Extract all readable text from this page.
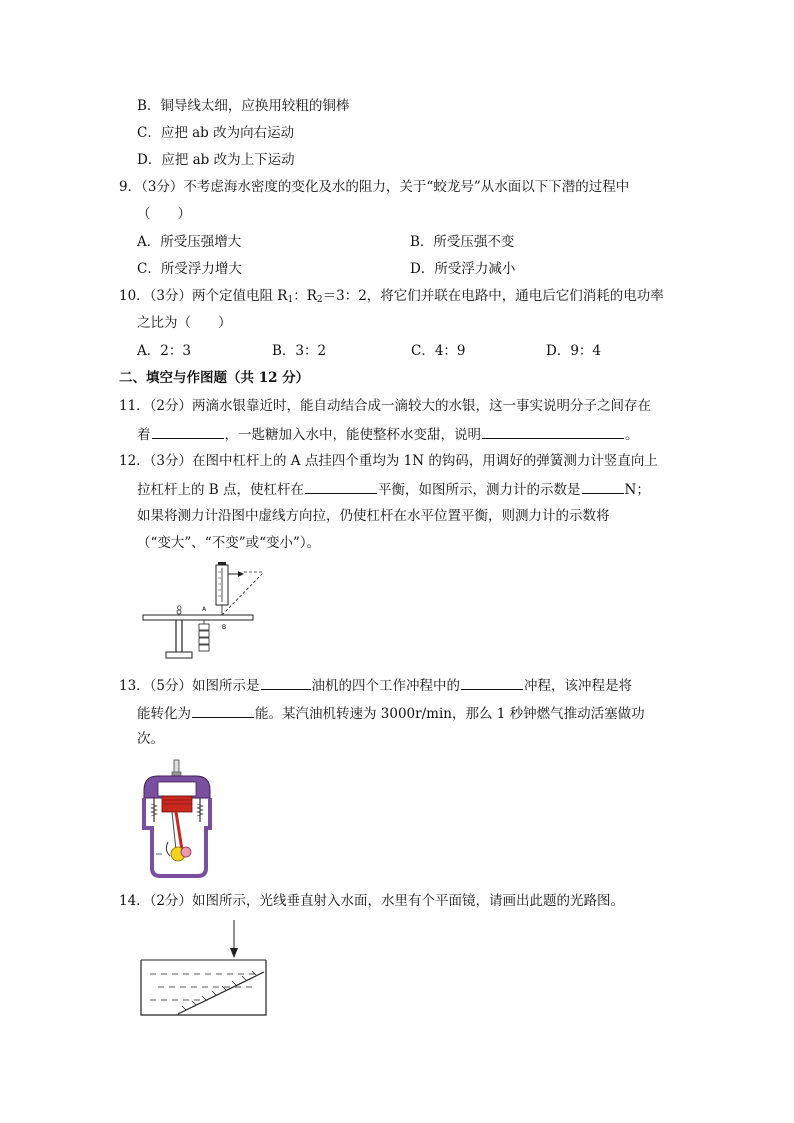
B．铜导线太细，应换用较粗的铜棒
C．应把 ab 改为向右运动
D．应把 ab 改为上下运动
9．（3分）不考虑海水密度的变化及水的阻力，关于“蛟龙号”从水面以下下潜的过程中
（　　）
A．所受压强增大	B．所受压强不变
C．所受浮力增大	D．所受浮力减小
10．（3分）两个定值电阻 $R_1$：$R_2=3$：2，将它们并联在电路中，通电后它们消耗的电功率
之比为（　　）
A．2：3	B．3：2	C．4：9	D．9：4
二、填空与作图题（共 12 分）
11．（2分）两滴水银靠近时，能自动结合成一滴较大的水银，这一事实说明分子之间存在
着	，一匙糖加入水中，能使整杯水变甜，说明	。
12．（3分）在图中杠杆上的 A 点挂四个重均为 1N 的钩码，用调好的弹簧测力计竖直向上
拉杠杆上的 B 点，使杠杆在	平衡，如图所示，测力计的示数是	N；
如果将测力计沿图中虚线方向拉，仍使杠杆在水平位置平衡，则测力计的示数将
（“变大”、“不变”或“变小”）。
O	A
B
13．（5分）如图所示是	油机的四个工作冲程中的	冲程，该冲程是将
能转化为	能。某汽油机转速为 3000r/min，那么 1 秒钟燃气推动活塞做功
次。
14．（2分）如图所示，光线垂直射入水面，水里有个平面镜，请画出此题的光路图。
